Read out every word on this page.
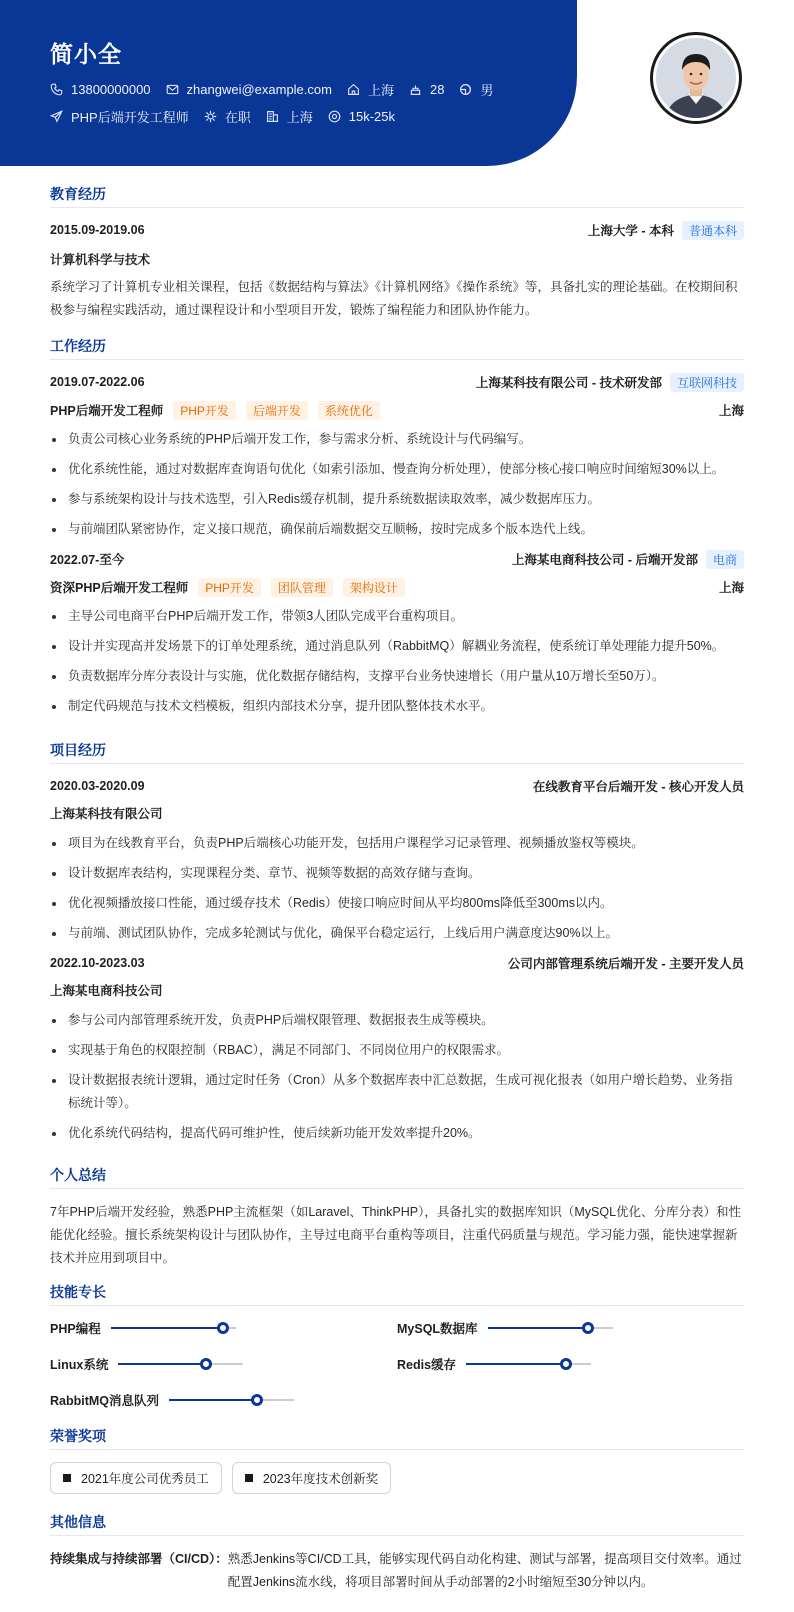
简小全
13800000000	zhangwei@example.com	上海	28	男
PHP后端开发工程师	在职	上海	15k-25k
教育经历
2015.09-2019.06	上海大学 - 本科 普通本科
计算机科学与技术
系统学习了计算机专业相关课程，包括《数据结构与算法》《计算机网络》《操作系统》等，具备扎实的理论基础。在校期间积极参与编程实践活动，通过课程设计和小型项目开发，锻炼了编程能力和团队协作能力。
工作经历
2019.07-2022.06	上海某科技有限公司 - 技术研发部 互联网科技
PHP后端开发工程师 PHP开发 后端开发 系统优化	上海
负责公司核心业务系统的PHP后端开发工作，参与需求分析、系统设计与代码编写。
优化系统性能，通过对数据库查询语句优化（如索引添加、慢查询分析处理），使部分核心接口响应时间缩短30%以上。
参与系统架构设计与技术选型，引入Redis缓存机制，提升系统数据读取效率，减少数据库压力。
与前端团队紧密协作，定义接口规范，确保前后端数据交互顺畅，按时完成多个版本迭代上线。
2022.07-至今	上海某电商科技公司 - 后端开发部 电商
资深PHP后端开发工程师 PHP开发 团队管理 架构设计	上海
主导公司电商平台PHP后端开发工作，带领3人团队完成平台重构项目。
设计并实现高并发场景下的订单处理系统，通过消息队列（RabbitMQ）解耦业务流程，使系统订单处理能力提升50%。
负责数据库分库分表设计与实施，优化数据存储结构，支撑平台业务快速增长（用户量从10万增长至50万）。
制定代码规范与技术文档模板，组织内部技术分享，提升团队整体技术水平。
项目经历
2020.03-2020.09	在线教育平台后端开发 - 核心开发人员
上海某科技有限公司
项目为在线教育平台，负责PHP后端核心功能开发，包括用户课程学习记录管理、视频播放鉴权等模块。
设计数据库表结构，实现课程分类、章节、视频等数据的高效存储与查询。
优化视频播放接口性能，通过缓存技术（Redis）使接口响应时间从平均800ms降低至300ms以内。
与前端、测试团队协作，完成多轮测试与优化，确保平台稳定运行，上线后用户满意度达90%以上。
2022.10-2023.03	公司内部管理系统后端开发 - 主要开发人员
上海某电商科技公司
参与公司内部管理系统开发，负责PHP后端权限管理、数据报表生成等模块。
实现基于角色的权限控制（RBAC），满足不同部门、不同岗位用户的权限需求。
设计数据报表统计逻辑，通过定时任务（Cron）从多个数据库表中汇总数据，生成可视化报表（如用户增长趋势、业务指标统计等）。
优化系统代码结构，提高代码可维护性，使后续新功能开发效率提升20%。
个人总结
7年PHP后端开发经验，熟悉PHP主流框架（如Laravel、ThinkPHP），具备扎实的数据库知识（MySQL优化、分库分表）和性能优化经验。擅长系统架构设计与团队协作，主导过电商平台重构等项目，注重代码质量与规范。学习能力强，能快速掌握新技术并应用到项目中。
技能专长
PHP编程	MySQL数据库
Linux系统	Redis缓存
RabbitMQ消息队列
荣誉奖项
2021年度公司优秀员工	2023年度技术创新奖
其他信息
持续集成与持续部署（CI/CD）： 熟悉Jenkins等CI/CD工具，能够实现代码自动化构建、测试与部署，提高项目交付效率。通过配置Jenkins流水线，将项目部署时间从手动部署的2小时缩短至30分钟以内。
